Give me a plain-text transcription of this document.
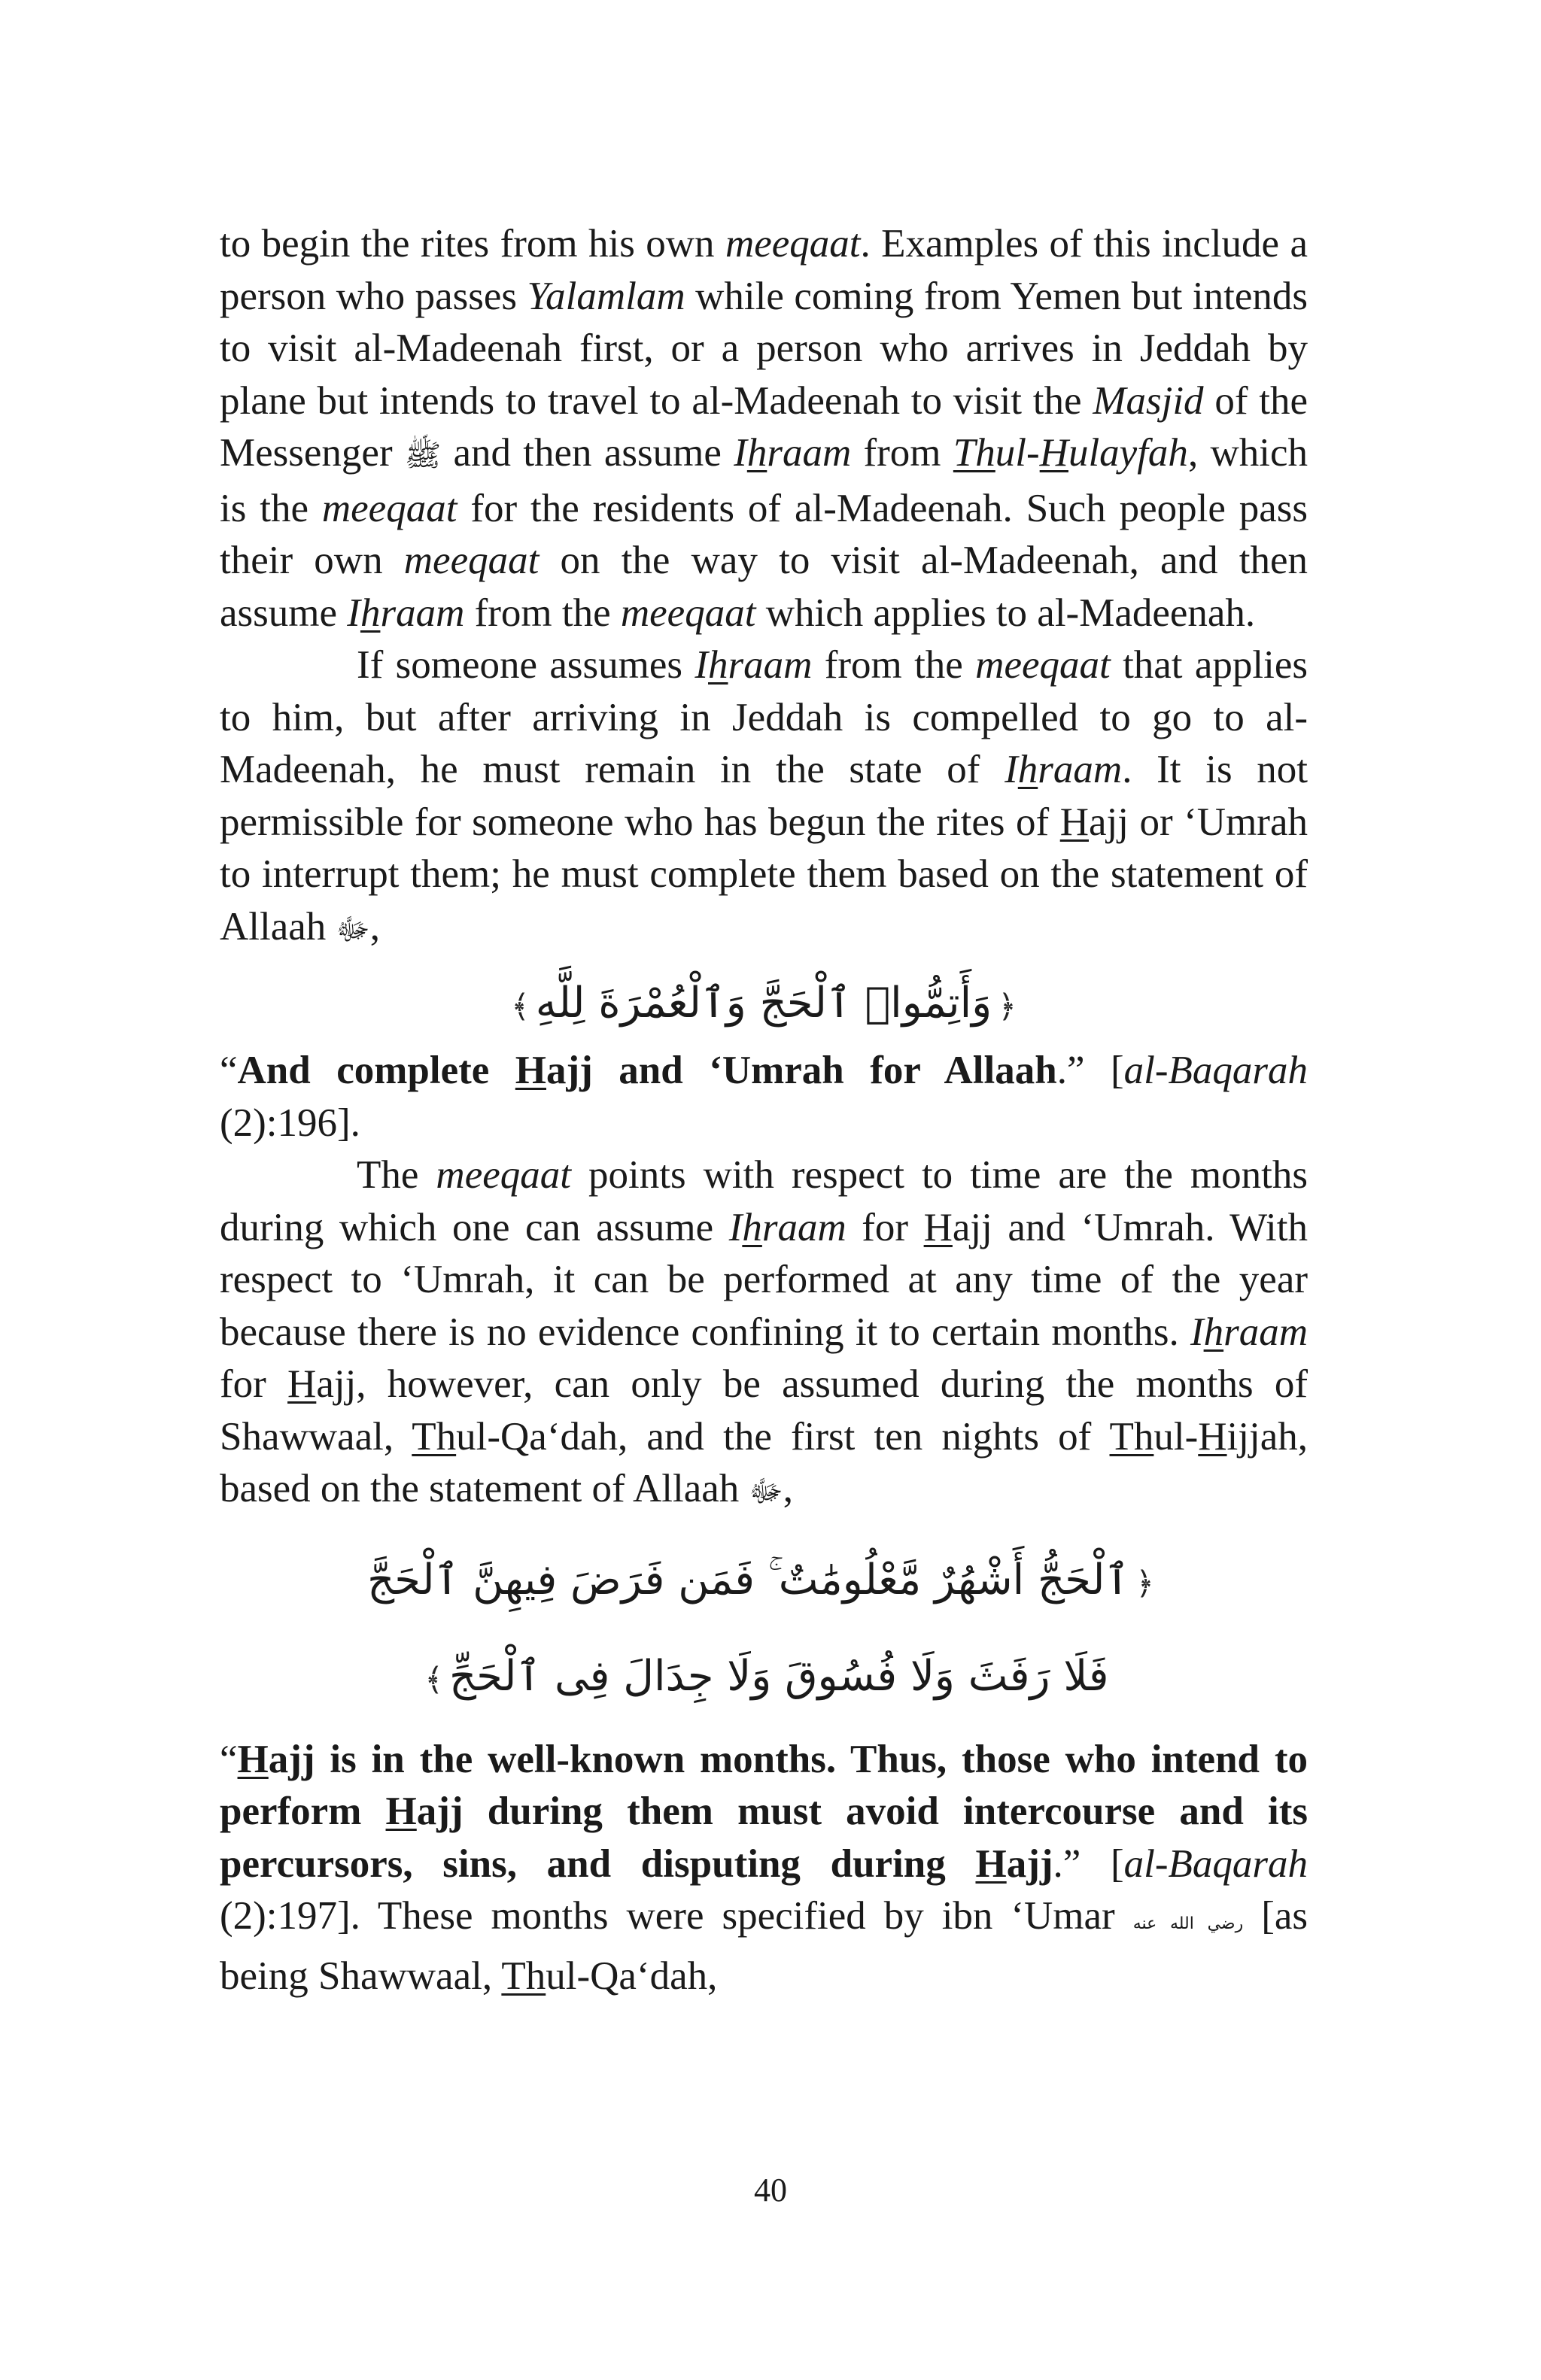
to begin the rites from his own meeqaat. Examples of this include a person who passes Yalamlam while coming from Yemen but intends to visit al-Madeenah first, or a person who arrives in Jeddah by plane but intends to travel to al-Madeenah to visit the Masjid of the Messenger ﷺ and then assume Ihraam from Thul-Hulayfah, which is the meeqaat for the residents of al-Madeenah. Such people pass their own meeqaat on the way to visit al-Madeenah, and then assume Ihraam from the meeqaat which applies to al-Madeenah.

If someone assumes Ihraam from the meeqaat that applies to him, but after arriving in Jeddah is compelled to go to al-Madeenah, he must remain in the state of Ihraam. It is not permissible for someone who has begun the rites of Hajj or ‘Umrah to interrupt them; he must complete them based on the statement of Allaah ﷻ,

﴿وَأَتِمُّوا۟ ٱلْحَجَّ وَٱلْعُمْرَةَ لِلَّهِ﴾

“And complete Hajj and ‘Umrah for Allaah.” [al-Baqarah (2):196].

The meeqaat points with respect to time are the months during which one can assume Ihraam for Hajj and ‘Umrah. With respect to ‘Umrah, it can be performed at any time of the year because there is no evidence confining it to certain months. Ihraam for Hajj, however, can only be assumed during the months of Shawwaal, Thul-Qa‘dah, and the first ten nights of Thul-Hijjah, based on the statement of Allaah ﷻ,

﴿ٱلْحَجُّ أَشْهُرٌ مَّعْلُومَٰتٌ ۚ فَمَن فَرَضَ فِيهِنَّ ٱلْحَجَّ
فَلَا رَفَثَ وَلَا فُسُوقَ وَلَا جِدَالَ فِى ٱلْحَجِّ﴾

“Hajj is in the well-known months. Thus, those who intend to perform Hajj during them must avoid intercourse and its percursors, sins, and disputing during Hajj.” [al-Baqarah (2):197]. These months were specified by ibn ‘Umar رضي الله عنه [as being Shawwaal, Thul-Qa‘dah,

40
